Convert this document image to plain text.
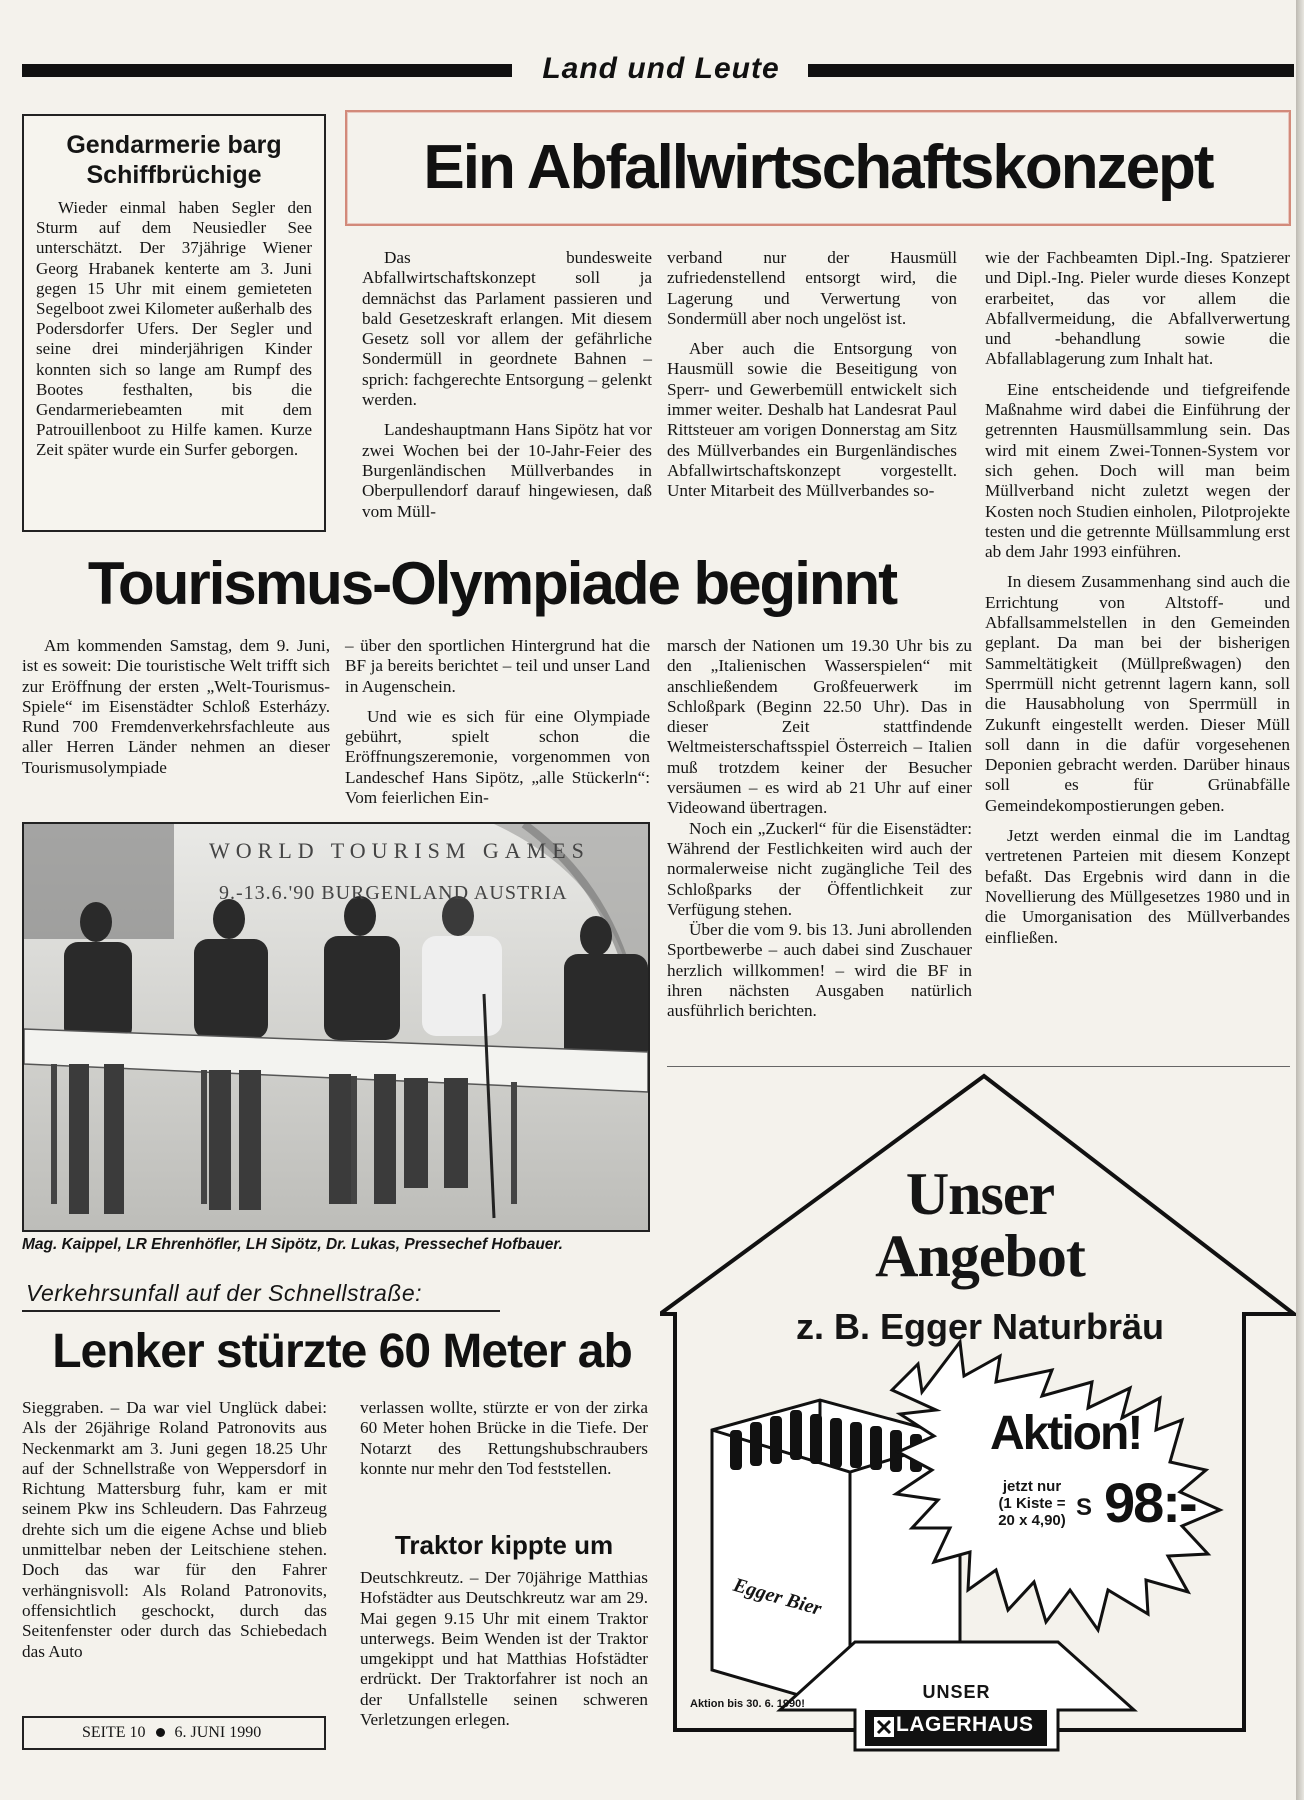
Land und Leute
Gendarmerie barg Schiffbrüchige

Wieder einmal haben Segler den Sturm auf dem Neusiedler See unterschätzt. Der 37jährige Wiener Georg Hrabanek kenterte am 3. Juni gegen 15 Uhr mit einem gemieteten Segelboot zwei Kilometer außerhalb des Podersdorfer Ufers. Der Segler und seine drei minderjährigen Kinder konnten sich so lange am Rumpf des Bootes festhalten, bis die Gendarmeriebeamten mit dem Patrouillenboot zu Hilfe kamen. Kurze Zeit später wurde ein Surfer geborgen.

Ein Abfallwirtschaftskonzept

Das bundesweite Abfallwirtschaftskonzept soll ja demnächst das Parlament passieren und bald Gesetzeskraft erlangen. Mit diesem Gesetz soll vor allem der gefährliche Sondermüll in geordnete Bahnen – sprich: fachgerechte Entsorgung – gelenkt werden.

Landeshauptmann Hans Sipötz hat vor zwei Wochen bei der 10-Jahr-Feier des Burgenländischen Müllverbandes in Oberpullendorf darauf hingewiesen, daß vom Müll-

verband nur der Hausmüll zufriedenstellend entsorgt wird, die Lagerung und Verwertung von Sondermüll aber noch ungelöst ist.

Aber auch die Entsorgung von Hausmüll sowie die Beseitigung von Sperr- und Gewerbemüll entwickelt sich immer weiter. Deshalb hat Landesrat Paul Rittsteuer am vorigen Donnerstag am Sitz des Müllverbandes ein Burgenländisches Abfallwirtschaftskonzept vorgestellt. Unter Mitarbeit des Müllverbandes so-

wie der Fachbeamten Dipl.-Ing. Spatzierer und Dipl.-Ing. Pieler wurde dieses Konzept erarbeitet, das vor allem die Abfallvermeidung, die Abfallverwertung und -behandlung sowie die Abfallablagerung zum Inhalt hat.

Eine entscheidende und tiefgreifende Maßnahme wird dabei die Einführung der getrennten Hausmüllsammlung sein. Das wird mit einem Zwei-Tonnen-System vor sich gehen. Doch will man beim Müllverband nicht zuletzt wegen der Kosten noch Studien einholen, Pilotprojekte testen und die getrennte Müllsammlung erst ab dem Jahr 1993 einführen.

In diesem Zusammenhang sind auch die Errichtung von Altstoff- und Abfallsammelstellen in den Gemeinden geplant. Da man bei der bisherigen Sammeltätigkeit (Müllpreßwagen) den Sperrmüll nicht getrennt lagern kann, soll die Hausabholung von Sperrmüll in Zukunft eingestellt werden. Dieser Müll soll dann in die dafür vorgesehenen Deponien gebracht werden. Darüber hinaus soll es für Grünabfälle Gemeindekompostierungen geben.

Jetzt werden einmal die im Landtag vertretenen Parteien mit diesem Konzept befaßt. Das Ergebnis wird dann in die Novellierung des Müllgesetzes 1980 und in die Umorganisation des Müllverbandes einfließen.

Tourismus-Olympiade beginnt

Am kommenden Samstag, dem 9. Juni, ist es soweit: Die touristische Welt trifft sich zur Eröffnung der ersten „Welt-Tourismus-Spiele“ im Eisenstädter Schloß Esterházy. Rund 700 Fremdenverkehrsfachleute aus aller Herren Länder nehmen an dieser Tourismusolympiade

– über den sportlichen Hintergrund hat die BF ja bereits berichtet – teil und unser Land in Augenschein.

Und wie es sich für eine Olympiade gebührt, spielt schon die Eröffnungszeremonie, vorgenommen von Landeschef Hans Sipötz, „alle Stückerln“: Vom feierlichen Ein-

marsch der Nationen um 19.30 Uhr bis zu den „Italienischen Wasserspielen“ mit anschließendem Großfeuerwerk im Schloßpark (Beginn 22.50 Uhr). Das in dieser Zeit stattfindende Weltmeisterschaftsspiel Österreich – Italien muß trotzdem keiner der Besucher versäumen – es wird ab 21 Uhr auf einer Videowand übertragen.

Noch ein „Zuckerl“ für die Eisenstädter: Während der Festlichkeiten wird auch der normalerweise nicht zugängliche Teil des Schloßparks der Öffentlichkeit zur Verfügung stehen.

Über die vom 9. bis 13. Juni abrollenden Sportbewerbe – auch dabei sind Zuschauer herzlich willkommen! – wird die BF in ihren nächsten Ausgaben natürlich ausführlich berichten.

WORLD TOURISM GAMES
9.-13.6.'90 BURGENLAND AUSTRIA
Mag. Kaippel, LR Ehrenhöfler, LH Sipötz, Dr. Lukas, Pressechef Hofbauer.
Verkehrsunfall auf der Schnellstraße:
Lenker stürzte 60 Meter ab

Sieggraben. – Da war viel Unglück dabei: Als der 26jährige Roland Patronovits aus Neckenmarkt am 3. Juni gegen 18.25 Uhr auf der Schnellstraße von Weppersdorf in Richtung Mattersburg fuhr, kam er mit seinem Pkw ins Schleudern. Das Fahrzeug drehte sich um die eigene Achse und blieb unmittelbar neben der Leitschiene stehen. Doch das war für den Fahrer verhängnisvoll: Als Roland Patronovits, offensichtlich geschockt, durch das Seitenfenster oder durch das Schiebedach das Auto

verlassen wollte, stürzte er von der zirka 60 Meter hohen Brücke in die Tiefe. Der Notarzt des Rettungshubschraubers konnte nur mehr den Tod feststellen.

Traktor kippte um

Deutschkreutz. – Der 70jährige Matthias Hofstädter aus Deutschkreutz war am 29. Mai gegen 9.15 Uhr mit einem Traktor unterwegs. Beim Wenden ist der Traktor umgekippt und hat Matthias Hofstädter erdrückt. Der Traktorfahrer ist noch an der Unfallstelle seinen schweren Verletzungen erlegen.

SEITE 10 6. JUNI 1990
Unser
Angebot
z. B. Egger Naturbräu
Aktion!
jetzt nur
(1 Kiste =
20 x 4,90) S 98:-
Egger Bier
Aktion bis 30. 6. 1990!
UNSER
LAGERHAUS
